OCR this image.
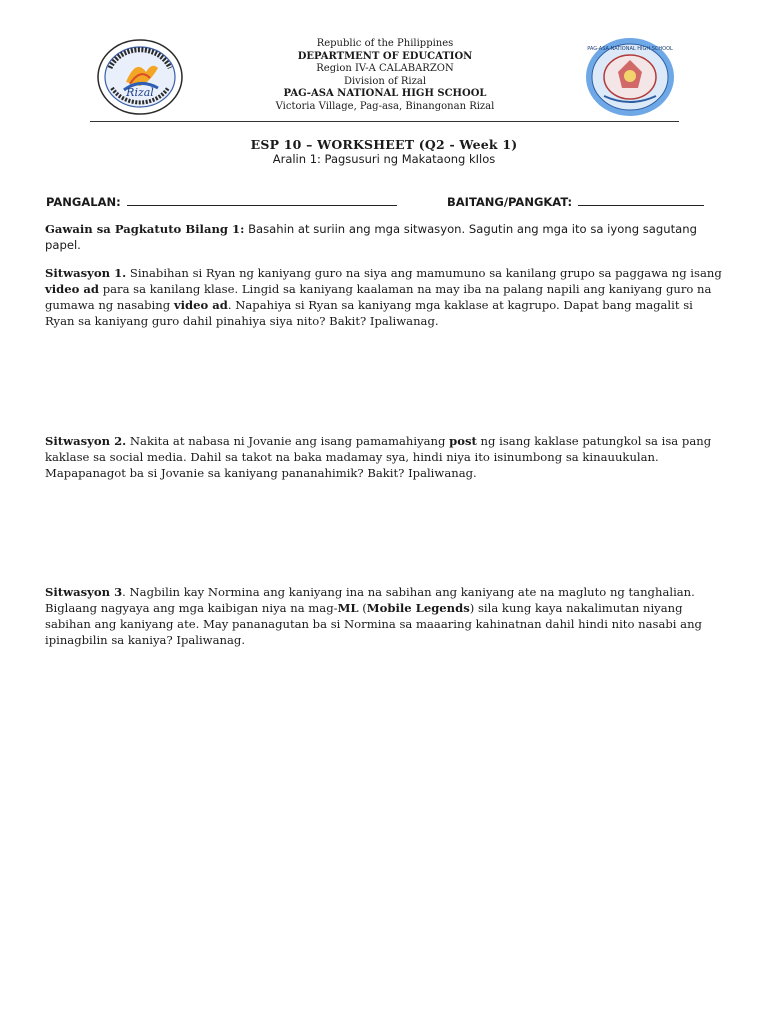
Rizal
Republic of the Philippines
DEPARTMENT OF EDUCATION
Region IV-A CALABARZON
Division of Rizal
PAG-ASA NATIONAL HIGH SCHOOL
Victoria Village, Pag-asa, Binangonan Rizal
PAG-ASA NATIONAL HIGH SCHOOL
ESP 10 – WORKSHEET (Q2 - Week 1)
Aralin 1: Pagsusuri ng Makataong kIlos
PANGALAN:	BAITANG/PANGKAT:
Gawain sa Pagkatuto Bilang 1: Basahin at suriin ang mga sitwasyon. Sagutin ang mga ito sa iyong sagutang papel.
Sitwasyon 1. Sinabihan si Ryan ng kaniyang guro na siya ang mamumuno sa kanilang grupo sa paggawa ng isang video ad para sa kanilang klase. Lingid sa kaniyang kaalaman na may iba na palang napili ang kaniyang guro na gumawa ng nasabing video ad. Napahiya si Ryan sa kaniyang mga kaklase at kagrupo. Dapat bang magalit si Ryan sa kaniyang guro dahil pinahiya siya nito? Bakit? Ipaliwanag.
Sitwasyon 2. Nakita at nabasa ni Jovanie ang isang pamamahiyang post ng isang kaklase patungkol sa isa pang kaklase sa social media. Dahil sa takot na baka madamay sya, hindi niya ito isinumbong sa kinauukulan. Mapapanagot ba si Jovanie sa kaniyang pananahimik? Bakit? Ipaliwanag.
Sitwasyon 3. Nagbilin kay Normina ang kaniyang ina na sabihan ang kaniyang ate na magluto ng tanghalian. Biglaang nagyaya ang mga kaibigan niya na mag-ML (Mobile Legends) sila kung kaya nakalimutan niyang sabihan ang kaniyang ate. May pananagutan ba si Normina sa maaaring kahinatnan dahil hindi nito nasabi ang ipinagbilin sa kaniya? Ipaliwanag.
